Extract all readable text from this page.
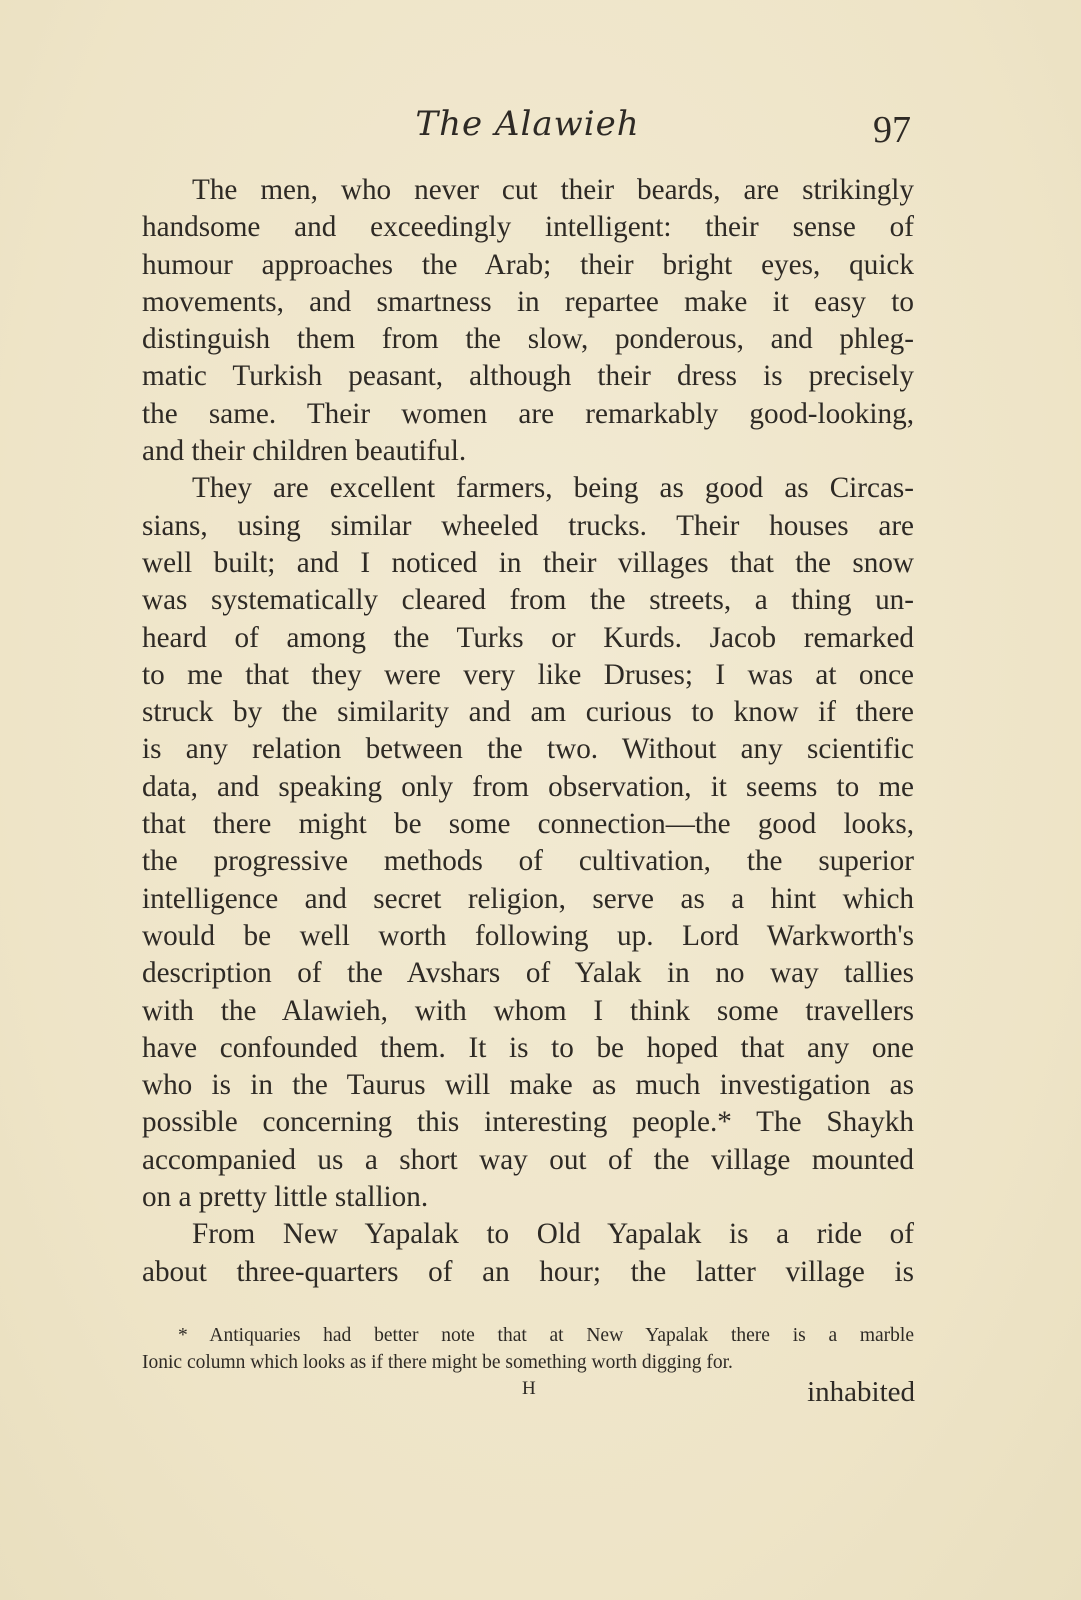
The Alawieh	97

The men, who never cut their beards, are strikingly
handsome and exceedingly intelligent: their sense of
humour approaches the Arab; their bright eyes, quick
movements, and smartness in repartee make it easy to
distinguish them from the slow, ponderous, and phleg-
matic Turkish peasant, although their dress is precisely
the same. Their women are remarkably good-looking,
and their children beautiful.

They are excellent farmers, being as good as Circas-
sians, using similar wheeled trucks. Their houses are
well built; and I noticed in their villages that the snow
was systematically cleared from the streets, a thing un-
heard of among the Turks or Kurds. Jacob remarked
to me that they were very like Druses; I was at once
struck by the similarity and am curious to know if there
is any relation between the two. Without any scientific
data, and speaking only from observation, it seems to me
that there might be some connection—the good looks,
the progressive methods of cultivation, the superior
intelligence and secret religion, serve as a hint which
would be well worth following up. Lord Warkworth's
description of the Avshars of Yalak in no way tallies
with the Alawieh, with whom I think some travellers
have confounded them. It is to be hoped that any one
who is in the Taurus will make as much investigation as
possible concerning this interesting people.* The Shaykh
accompanied us a short way out of the village mounted
on a pretty little stallion.

From New Yapalak to Old Yapalak is a ride of
about three-quarters of an hour; the latter village is

* Antiquaries had better note that at New Yapalak there is a marble
Ionic column which looks as if there might be something worth digging for.
H	inhabited
